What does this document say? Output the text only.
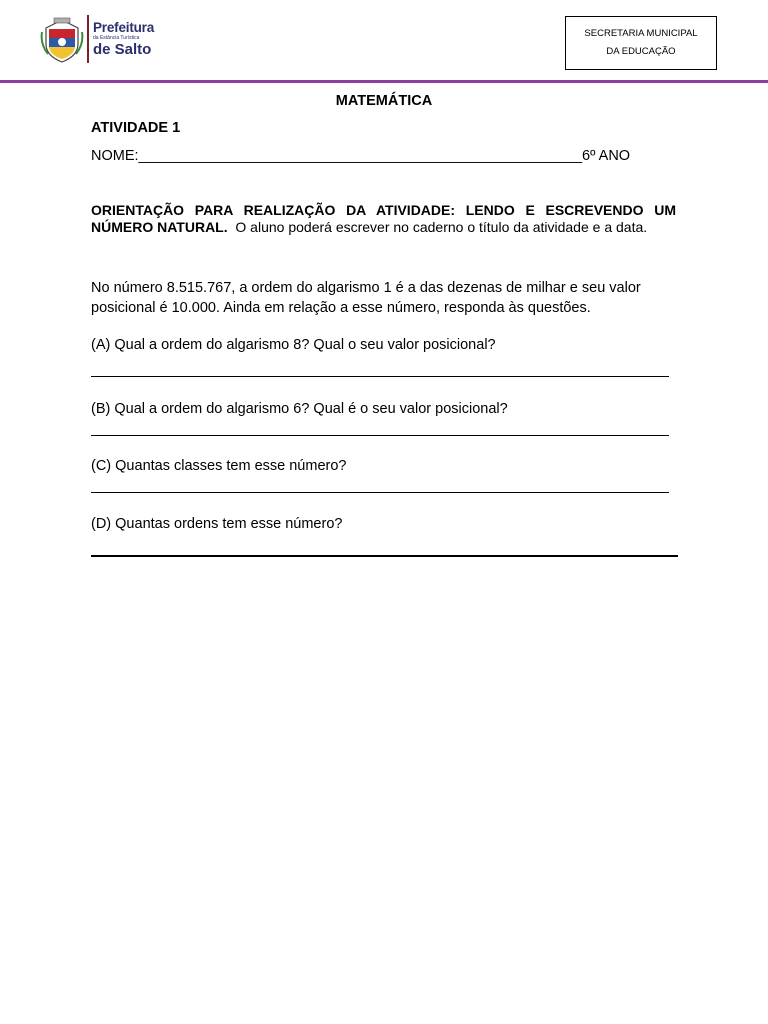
Prefeitura
da Estância Turística
de Salto
SECRETARIA MUNICIPAL
DA EDUCAÇÃO
MATEMÁTICA
ATIVIDADE 1
NOME:_______________________________________________________6º ANO
ORIENTAÇÃO PARA REALIZAÇÃO DA ATIVIDADE: LENDO E ESCREVENDO UM NÚMERO NATURAL. O aluno poderá escrever no caderno o título da atividade e a data.
No número 8.515.767, a ordem do algarismo 1 é a das dezenas de milhar e seu valor
posicional é 10.000. Ainda em relação a esse número, responda às questões.
(A) Qual a ordem do algarismo 8? Qual o seu valor posicional?
(B) Qual a ordem do algarismo 6? Qual é o seu valor posicional?
(C) Quantas classes tem esse número?
(D) Quantas ordens tem esse número?
